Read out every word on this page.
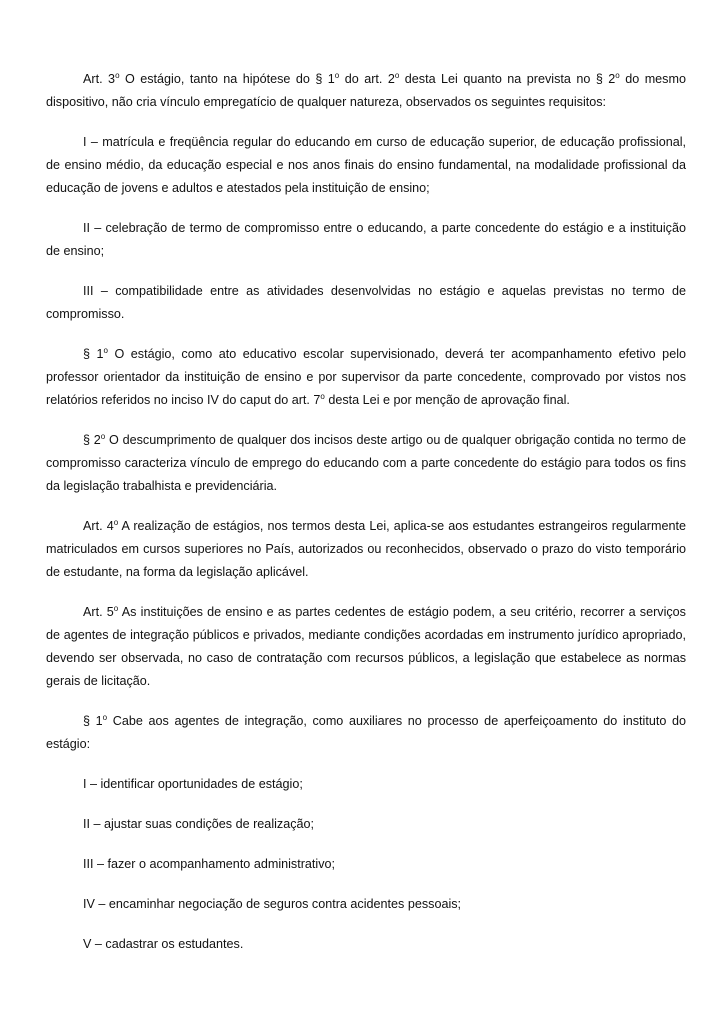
Art. 3$^o$ O estágio, tanto na hipótese do § 1$^o$ do art. 2$^o$ desta Lei quanto na prevista no § 2$^o$ do mesmo dispositivo, não cria vínculo empregatício de qualquer natureza, observados os seguintes requisitos:

I – matrícula e freqüência regular do educando em curso de educação superior, de educação profissional, de ensino médio, da educação especial e nos anos finais do ensino fundamental, na modalidade profissional da educação de jovens e adultos e atestados pela instituição de ensino;

II – celebração de termo de compromisso entre o educando, a parte concedente do estágio e a instituição de ensino;

III – compatibilidade entre as atividades desenvolvidas no estágio e aquelas previstas no termo de compromisso.

§ 1$^o$ O estágio, como ato educativo escolar supervisionado, deverá ter acompanhamento efetivo pelo professor orientador da instituição de ensino e por supervisor da parte concedente, comprovado por vistos nos relatórios referidos no inciso IV do caput do art. 7$^o$ desta Lei e por menção de aprovação final.

§ 2$^o$ O descumprimento de qualquer dos incisos deste artigo ou de qualquer obrigação contida no termo de compromisso caracteriza vínculo de emprego do educando com a parte concedente do estágio para todos os fins da legislação trabalhista e previdenciária.

Art. 4$^o$ A realização de estágios, nos termos desta Lei, aplica-se aos estudantes estrangeiros regularmente matriculados em cursos superiores no País, autorizados ou reconhecidos, observado o prazo do visto temporário de estudante, na forma da legislação aplicável.

Art. 5$^o$ As instituições de ensino e as partes cedentes de estágio podem, a seu critério, recorrer a serviços de agentes de integração públicos e privados, mediante condições acordadas em instrumento jurídico apropriado, devendo ser observada, no caso de contratação com recursos públicos, a legislação que estabelece as normas gerais de licitação.

§ 1$^o$ Cabe aos agentes de integração, como auxiliares no processo de aperfeiçoamento do instituto do estágio:

I – identificar oportunidades de estágio;

II – ajustar suas condições de realização;

III – fazer o acompanhamento administrativo;

IV – encaminhar negociação de seguros contra acidentes pessoais;

V – cadastrar os estudantes.
